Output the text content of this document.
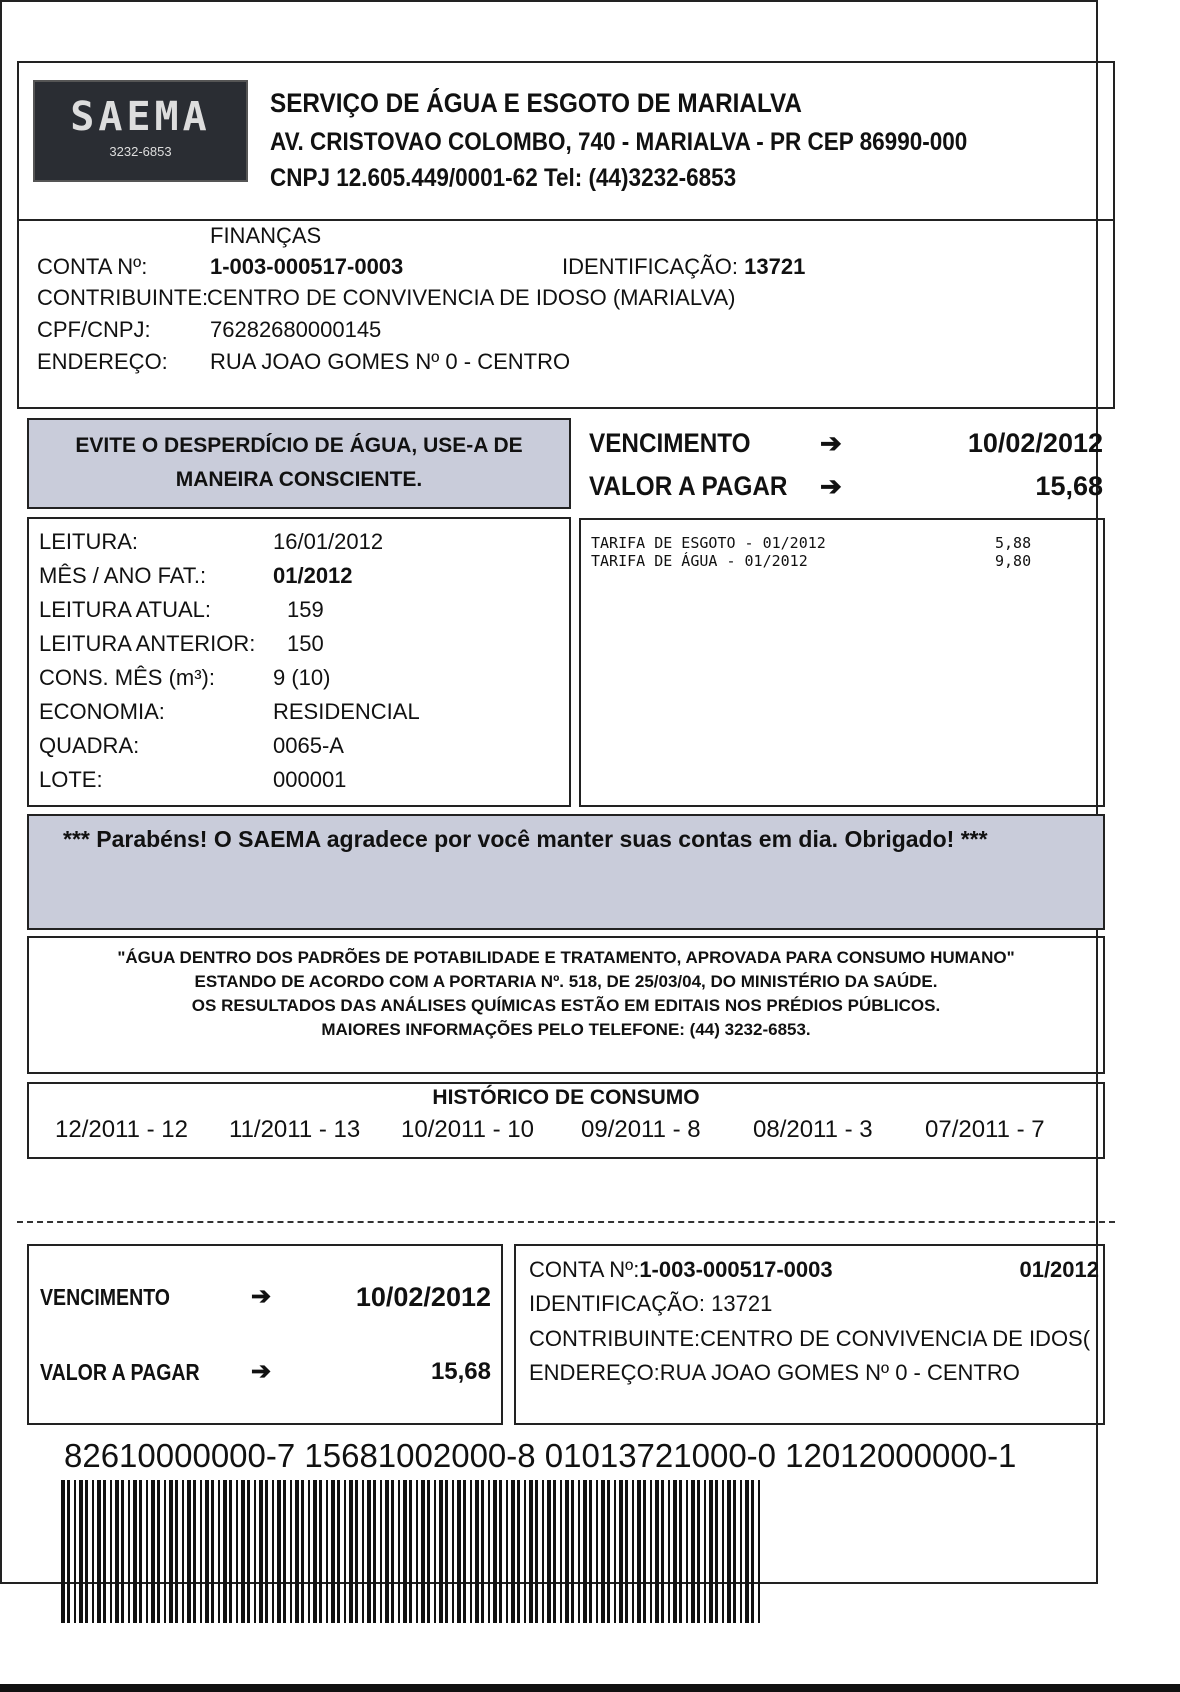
SAEMA
3232-6853
SERVIÇO DE ÁGUA E ESGOTO DE MARIALVA
AV. CRISTOVAO COLOMBO, 740 - MARIALVA - PR CEP 86990-000
CNPJ 12.605.449/0001-62 Tel: (44)3232-6853
FINANÇAS
CONTA Nº:	1-003-000517-0003	IDENTIFICAÇÃO: 13721
CONTRIBUINTE:
CENTRO DE CONVIVENCIA DE IDOSO (MARIALVA)
CPF/CNPJ:	76282680000145
ENDEREÇO: RUA JOAO GOMES Nº 0 - CENTRO
EVITE O DESPERDÍCIO DE ÁGUA, USE-A DE
MANEIRA CONSCIENTE.
VENCIMENTO	➔	10/02/2012
VALOR A PAGAR ➔	15,68
LEITURA:	16/01/2012
MÊS / ANO FAT.:	01/2012
LEITURA ATUAL:	159
LEITURA ANTERIOR: 150
CONS. MÊS (m³):	9 (10)
ECONOMIA:	RESIDENCIAL
QUADRA:	0065-A
LOTE:	000001
TARIFA DE ESGOTO - 01/2012	5,88
TARIFA DE ÁGUA - 01/2012	9,80
*** Parabéns! O SAEMA agradece por você manter suas contas em dia. Obrigado! ***
"ÁGUA DENTRO DOS PADRÕES DE POTABILIDADE E TRATAMENTO, APROVADA PARA CONSUMO HUMANO"
ESTANDO DE ACORDO COM A PORTARIA Nº. 518, DE 25/03/04, DO MINISTÉRIO DA SAÚDE.
OS RESULTADOS DAS ANÁLISES QUÍMICAS ESTÃO EM EDITAIS NOS PRÉDIOS PÚBLICOS.
MAIORES INFORMAÇÕES PELO TELEFONE: (44) 3232-6853.
HISTÓRICO DE CONSUMO
12/2011 - 12 11/2011 - 13 10/2011 - 10 09/2011 - 8 08/2011 - 3 07/2011 - 7
VENCIMENTO	➔	10/02/2012
VALOR A PAGAR ➔	15,68
CONTA Nº:1-003-000517-0003	01/2012
IDENTIFICAÇÃO: 13721
CONTRIBUINTE:CENTRO DE CONVIVENCIA DE IDOS(
ENDEREÇO:RUA JOAO GOMES Nº 0 - CENTRO
82610000000-7 15681002000-8 01013721000-0 12012000000-1
